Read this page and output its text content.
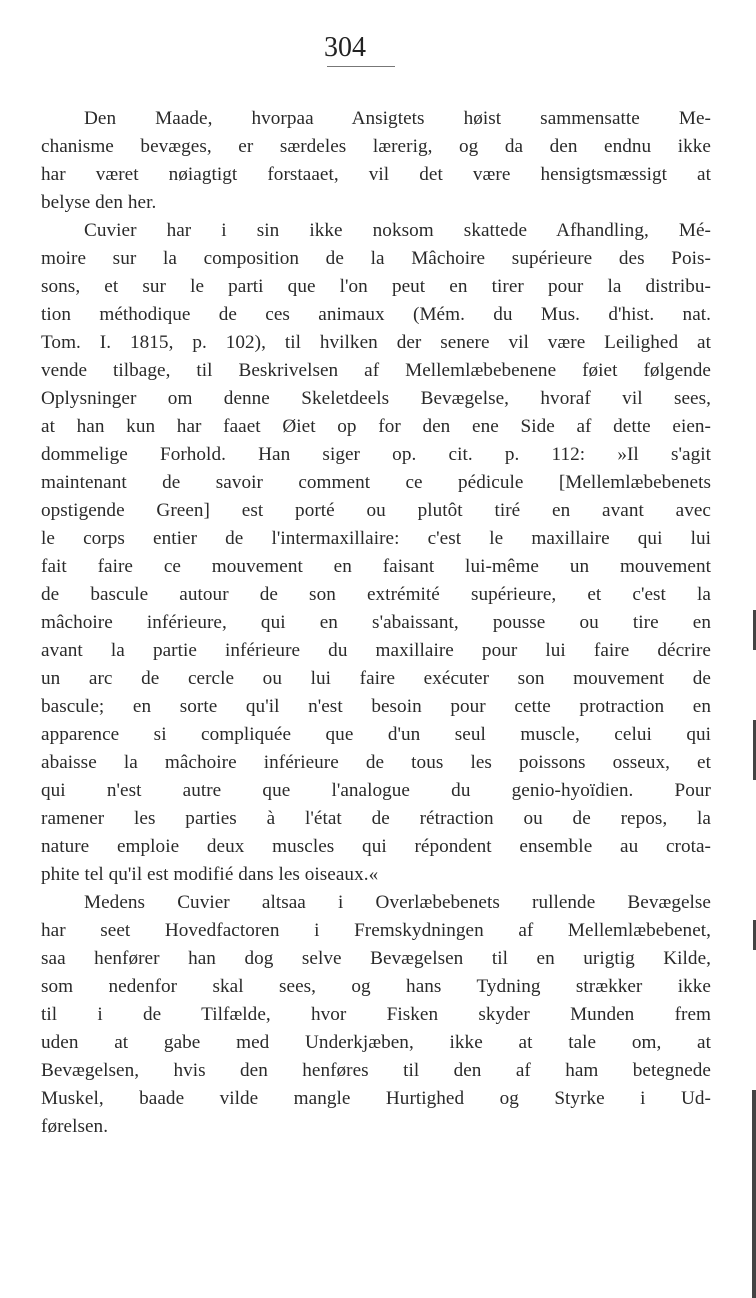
304
Den Maade, hvorpaa Ansigtets høist sammensatte Me-
chanisme bevæges, er særdeles lærerig, og da den endnu ikke
har været nøiagtigt forstaaet, vil det være hensigtsmæssigt at
belyse den her.
Cuvier har i sin ikke noksom skattede Afhandling, Mé-
moire sur la composition de la Mâchoire supérieure des Pois-
sons, et sur le parti que l'on peut en tirer pour la distribu-
tion méthodique de ces animaux (Mém. du Mus. d'hist. nat.
Tom. I. 1815, p. 102), til hvilken der senere vil være Leilighed at
vende tilbage, til Beskrivelsen af Mellemlæbebenene føiet følgende
Oplysninger om denne Skeletdeels Bevægelse, hvoraf vil sees,
at han kun har faaet Øiet op for den ene Side af dette eien-
dommelige Forhold. Han siger op. cit. p. 112: »Il s'agit
maintenant de savoir comment ce pédicule [Mellemlæbebenets
opstigende Green] est porté ou plutôt tiré en avant avec
le corps entier de l'intermaxillaire: c'est le maxillaire qui lui
fait faire ce mouvement en faisant lui-même un mouvement
de bascule autour de son extrémité supérieure, et c'est la
mâchoire inférieure, qui en s'abaissant, pousse ou tire en
avant la partie inférieure du maxillaire pour lui faire décrire
un arc de cercle ou lui faire exécuter son mouvement de
bascule; en sorte qu'il n'est besoin pour cette protraction en
apparence si compliquée que d'un seul muscle, celui qui
abaisse la mâchoire inférieure de tous les poissons osseux, et
qui n'est autre que l'analogue du genio-hyoïdien. Pour
ramener les parties à l'état de rétraction ou de repos, la
nature emploie deux muscles qui répondent ensemble au crota-
phite tel qu'il est modifié dans les oiseaux.«
Medens Cuvier altsaa i Overlæbebenets rullende Bevægelse
har seet Hovedfactoren i Fremskydningen af Mellemlæbebenet,
saa henfører han dog selve Bevægelsen til en urigtig Kilde,
som nedenfor skal sees, og hans Tydning strækker ikke
til i de Tilfælde, hvor Fisken skyder Munden frem
uden at gabe med Underkjæben, ikke at tale om, at
Bevægelsen, hvis den henføres til den af ham betegnede
Muskel, baade vilde mangle Hurtighed og Styrke i Ud-
førelsen.
